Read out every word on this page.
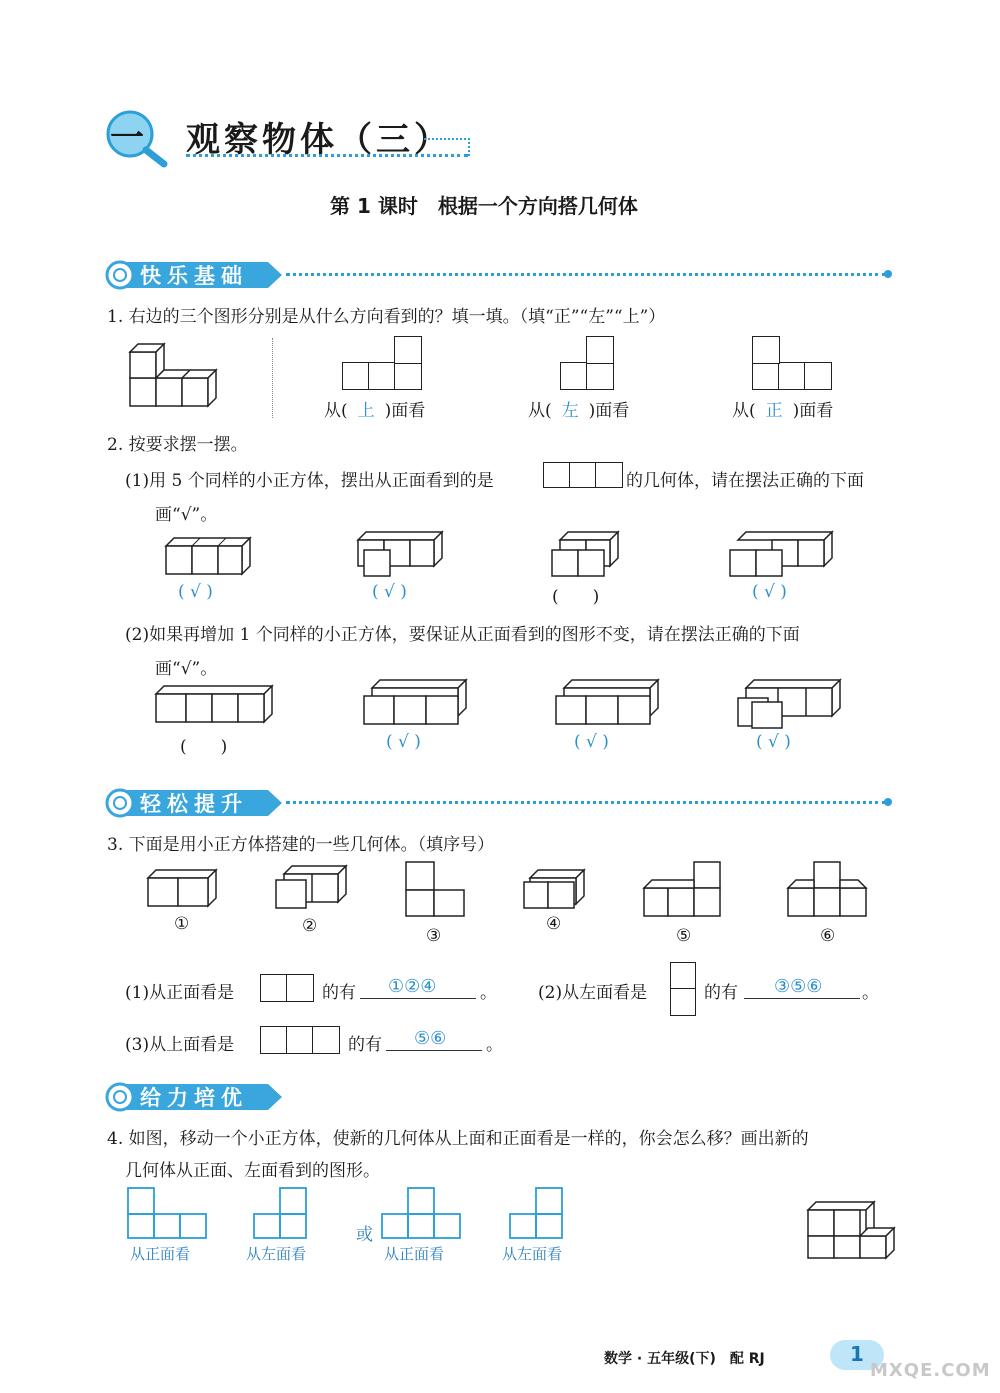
一 观察物体（三）
第 1 课时　根据一个方向搭几何体
快乐基础
1. 右边的三个图形分别是从什么方向看到的？填一填。（填“正”“左”“上”）
从( 上 )面看	从( 左 )面看	从( 正 )面看
2. 按要求摆一摆。
(1)用 5 个同样的小正方体，摆出从正面看到的是	的几何体，请在摆法正确的下面
画“√”。
( √ )	( √ )	(　　)	( √ )
(2)如果再增加 1 个同样的小正方体，要保证从正面看到的图形不变，请在摆法正确的下面
画“√”。
(　　)	( √ )	( √ )	( √ )
轻松提升
3. 下面是用小正方体搭建的一些几何体。（填序号）
①	②	③
④
⑤	⑥
(1)从正面看是	的有 ①②④	。 (2)从左面看是	的有 ③⑤⑥ 。
(3)从上面看是	的有 ⑤⑥ 。
给力培优
4. 如图，移动一个小正方体，使新的几何体从上面和正面看是一样的，你会怎么移？画出新的
几何体从正面、左面看到的图形。
从正面看	从左面看
或
从正面看	从左面看
数学 · 五年级(下)　配 RJ	1
MXQE.COM
